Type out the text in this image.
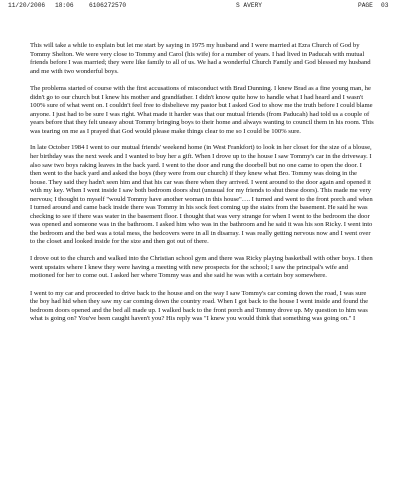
11/20/2006 18:06 6106272570	S AVERY	PAGE 03

This will take a while to explain but let me start by saying in 1975 my husband and I were married at Ezra Church of God by Tommy Shelton. We were very close to Tommy and Carol (his wife) for a number of years. I had lived in Paducah with mutual friends before I was married; they were like family to all of us. We had a wonderful Church Family and God blessed my husband and me with two wonderful boys.

The problems started of course with the first accusations of misconduct with Brad Dunning. I knew Brad as a fine young man, he didn't go to our church but I knew his mother and grandfather. I didn't know quite how to handle what I had heard and I wasn't 100% sure of what went on. I couldn't feel free to disbelieve my pastor but I asked God to show me the truth before I could blame anyone. I just had to be sure I was right. What made it harder was that our mutual friends (from Paducah) had told us a couple of years before that they felt uneasy about Tommy bringing boys to their home and always wanting to council them in his room. This was tearing on me as I prayed that God would please make things clear to me so I could be 100% sure.

In late October 1984 I went to our mutual friends' weekend home (in West Frankfort) to look in her closet for the size of a blouse, her birthday was the next week and I wanted to buy her a gift. When I drove up to the house I saw Tommy's car in the driveway. I also saw two boys raking leaves in the back yard. I went to the door and rung the doorbell but no one came to open the door. I then went to the back yard and asked the boys (they were from our church) if they knew what Bro. Tommy was doing in the house. They said they hadn't seen him and that his car was there when they arrived. I went around to the door again and opened it with my key. When I went inside I saw both bedroom doors shut (unusual for my friends to shut these doors). This made me very nervous; I thought to myself "would Tommy have another woman in this house"…. I turned and went to the front porch and when I turned around and came back inside there was Tommy in his sock feet coming up the stairs from the basement. He said he was checking to see if there was water in the basement floor. I thought that was very strange for when I went to the bedroom the door was opened and someone was in the bathroom. I asked him who was in the bathroom and he said it was his son Ricky. I went into the bedroom and the bed was a total mess, the bedcovers were in all in disarray. I was really getting nervous now and I went over to the closet and looked inside for the size and then got out of there.

I drove out to the church and walked into the Christian school gym and there was Ricky playing basketball with other boys. I then went upstairs where I knew they were having a meeting with new prospects for the school; I saw the principal's wife and motioned for her to come out. I asked her where Tommy was and she said he was with a certain boy somewhere.

I went to my car and proceeded to drive back to the house and on the way I saw Tommy's car coming down the road, I was sure the boy had hid when they saw my car coming down the country road. When I got back to the house I went inside and found the bedroom doors opened and the bed all made up. I walked back to the front porch and Tommy drove up. My question to him was what is going on? You've been caught haven't you? His reply was "I knew you would think that something was going on." I
